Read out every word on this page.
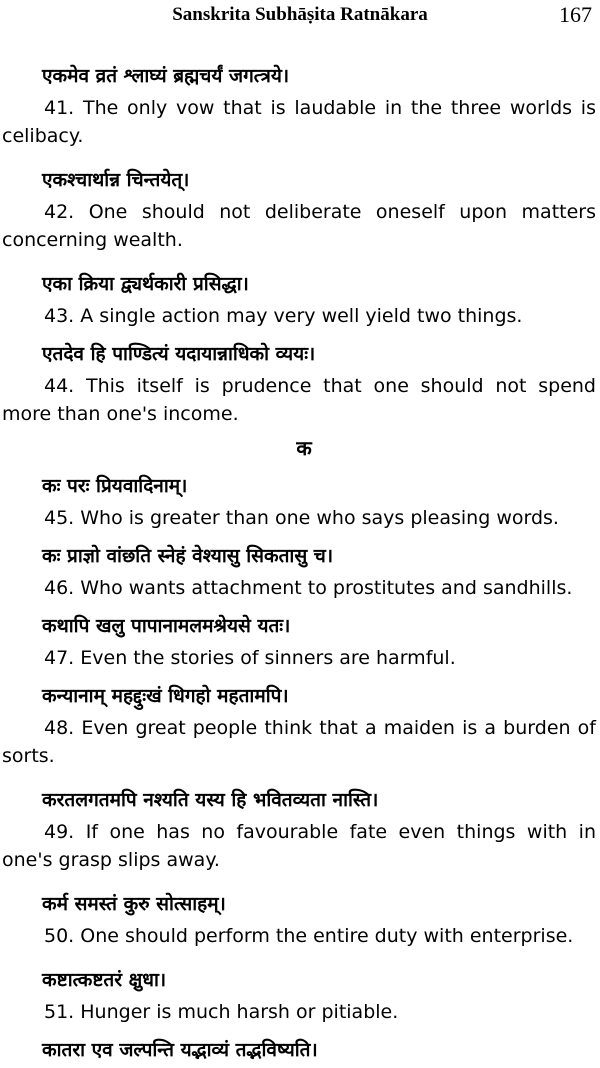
Sanskrita Subhāṣita Ratnākara	167
एकमेव व्रतं श्लाघ्यं ब्रह्मचर्यं जगत्त्रये।
41. The only vow that is laudable in the three worlds is celibacy.
एकश्चार्थान्न चिन्तयेत्।
42. One should not deliberate oneself upon matters concerning wealth.
एका क्रिया द्व्यर्थकारी प्रसिद्धा।
43. A single action may very well yield two things.
एतदेव हि पाण्डित्यं यदायान्नाधिको व्ययः।
44. This itself is prudence that one should not spend more than one's income.
क
कः परः प्रियवादिनाम्।
45. Who is greater than one who says pleasing words.
कः प्राज्ञो वांछति स्नेहं वेश्यासु सिकतासु च।
46. Who wants attachment to prostitutes and sandhills.
कथापि खलु पापानामलमश्रेयसे यतः।
47. Even the stories of sinners are harmful.
कन्यानाम् महद्दुःखं धिगहो महतामपि।
48. Even great people think that a maiden is a burden of sorts.
करतलगतमपि नश्यति यस्य हि भवितव्यता नास्ति।
49. If one has no favourable fate even things with in one's grasp slips away.
कर्म समस्तं कुरु सोत्साहम्।
50. One should perform the entire duty with enterprise.
कष्टात्कष्टतरं क्षुधा।
51. Hunger is much harsh or pitiable.
कातरा एव जल्पन्ति यद्भाव्यं तद्भविष्यति।
